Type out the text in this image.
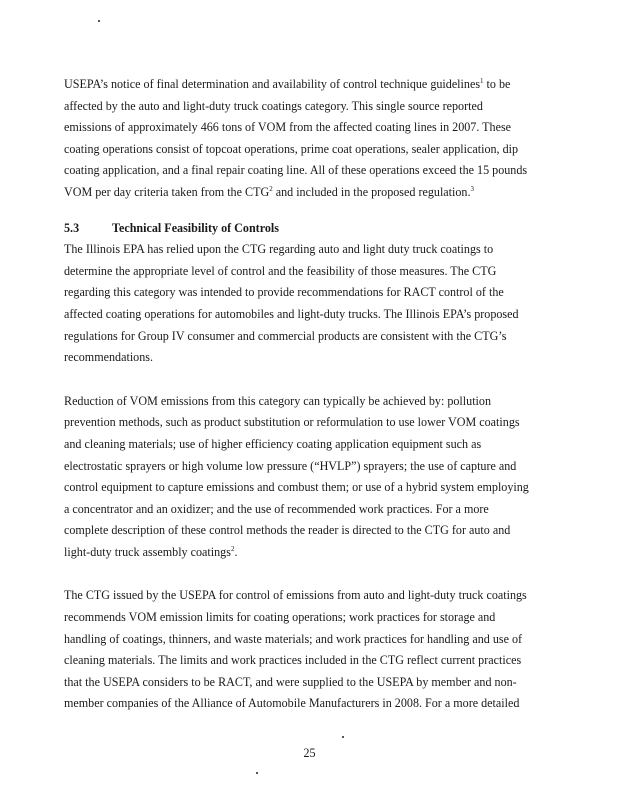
USEPA’s notice of final determination and availability of control technique guidelines$^1$ to be
affected by the auto and light-duty truck coatings category. This single source reported
emissions of approximately 466 tons of VOM from the affected coating lines in 2007. These
coating operations consist of topcoat operations, prime coat operations, sealer application, dip
coating application, and a final repair coating line. All of these operations exceed the 15 pounds
VOM per day criteria taken from the CTG$^2$ and included in the proposed regulation.$^3$

5.3	Technical Feasibility of Controls

The Illinois EPA has relied upon the CTG regarding auto and light duty truck coatings to
determine the appropriate level of control and the feasibility of those measures. The CTG
regarding this category was intended to provide recommendations for RACT control of the
affected coating operations for automobiles and light-duty trucks. The Illinois EPA’s proposed
regulations for Group IV consumer and commercial products are consistent with the CTG’s
recommendations.

Reduction of VOM emissions from this category can typically be achieved by: pollution
prevention methods, such as product substitution or reformulation to use lower VOM coatings
and cleaning materials; use of higher efficiency coating application equipment such as
electrostatic sprayers or high volume low pressure (“HVLP”) sprayers; the use of capture and
control equipment to capture emissions and combust them; or use of a hybrid system employing
a concentrator and an oxidizer; and the use of recommended work practices. For a more
complete description of these control methods the reader is directed to the CTG for auto and
light-duty truck assembly coatings$^2$.

The CTG issued by the USEPA for control of emissions from auto and light-duty truck coatings
recommends VOM emission limits for coating operations; work practices for storage and
handling of coatings, thinners, and waste materials; and work practices for handling and use of
cleaning materials. The limits and work practices included in the CTG reflect current practices
that the USEPA considers to be RACT, and were supplied to the USEPA by member and non-
member companies of the Alliance of Automobile Manufacturers in 2008. For a more detailed

25
